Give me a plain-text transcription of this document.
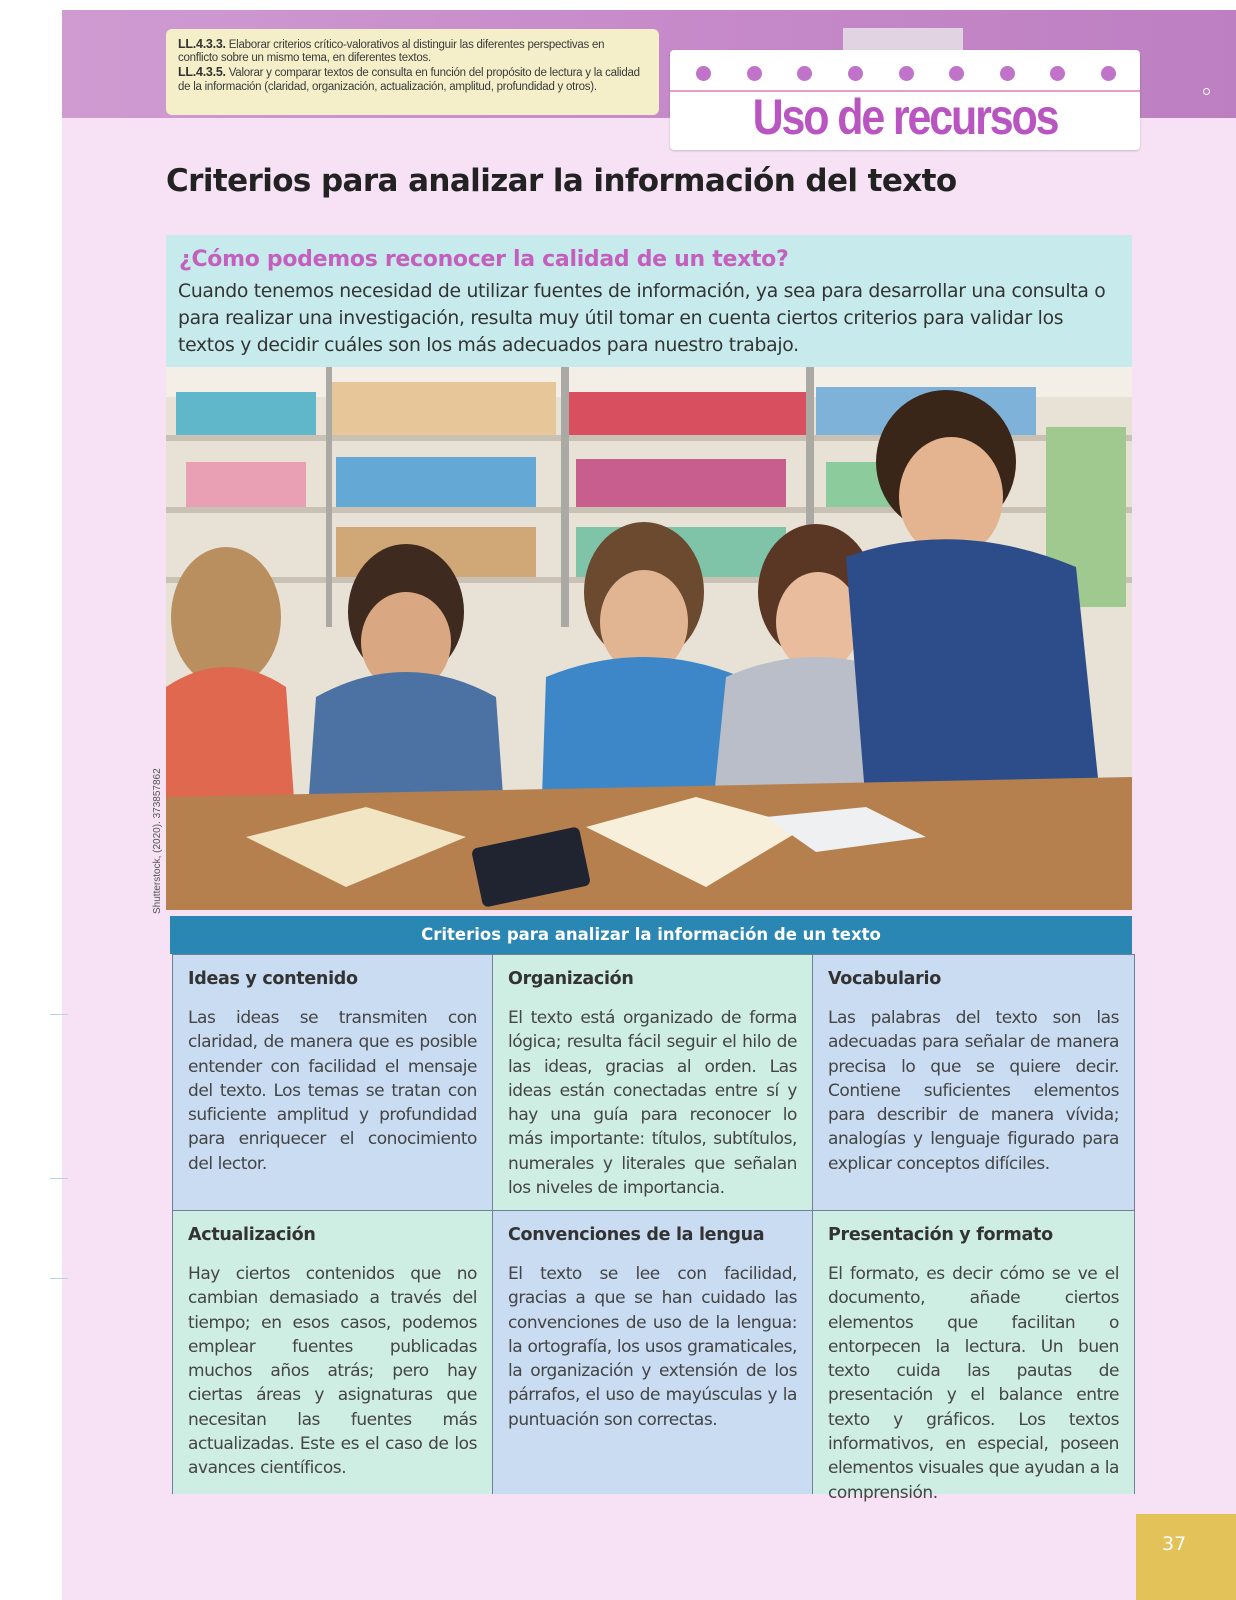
LL.4.3.3. Elaborar criterios crítico-valorativos al distinguir las diferentes perspectivas en conflicto sobre un mismo tema, en diferentes textos.

LL.4.3.5. Valorar y comparar textos de consulta en función del propósito de lectura y la calidad de la información (claridad, organización, actualización, amplitud, profundidad y otros).

Uso de recursos
Criterios para analizar la información del texto
¿Cómo podemos reconocer la calidad de un texto?

Cuando tenemos necesidad de utilizar fuentes de información, ya sea para desarrollar una consulta o para realizar una investigación, resulta muy útil tomar en cuenta ciertos criterios para validar los textos y decidir cuáles son los más adecuados para nuestro trabajo.

Shutterstock, (2020). 373857862
Criterios para analizar la información de un texto
Ideas y contenido

Las ideas se transmiten con claridad, de manera que es posible entender con facilidad el mensaje del texto. Los temas se tratan con suficiente amplitud y profundidad para enriquecer el conocimiento del lector.

Organización

El texto está organizado de forma lógica; resulta fácil seguir el hilo de las ideas, gracias al orden. Las ideas están conectadas entre sí y hay una guía para reconocer lo más importante: títulos, subtítulos, numerales y literales que señalan los niveles de importancia.

Vocabulario

Las palabras del texto son las adecuadas para señalar de manera precisa lo que se quiere decir. Contiene suficientes elementos para describir de manera vívida; analogías y lenguaje figurado para explicar conceptos difíciles.

Actualización

Hay ciertos contenidos que no cambian demasiado a través del tiempo; en esos casos, podemos emplear fuentes publicadas muchos años atrás; pero hay ciertas áreas y asignaturas que necesitan las fuentes más actualizadas. Este es el caso de los avances científicos.

Convenciones de la lengua

El texto se lee con facilidad, gracias a que se han cuidado las convenciones de uso de la lengua: la ortografía, los usos gramaticales, la organización y extensión de los párrafos, el uso de mayúsculas y la puntuación son correctas.

Presentación y formato

El formato, es decir cómo se ve el documento, añade ciertos elementos que facilitan o entorpecen la lectura. Un buen texto cuida las pautas de presentación y el balance entre texto y gráficos. Los textos informativos, en especial, poseen elementos visuales que ayudan a la comprensión.

37
